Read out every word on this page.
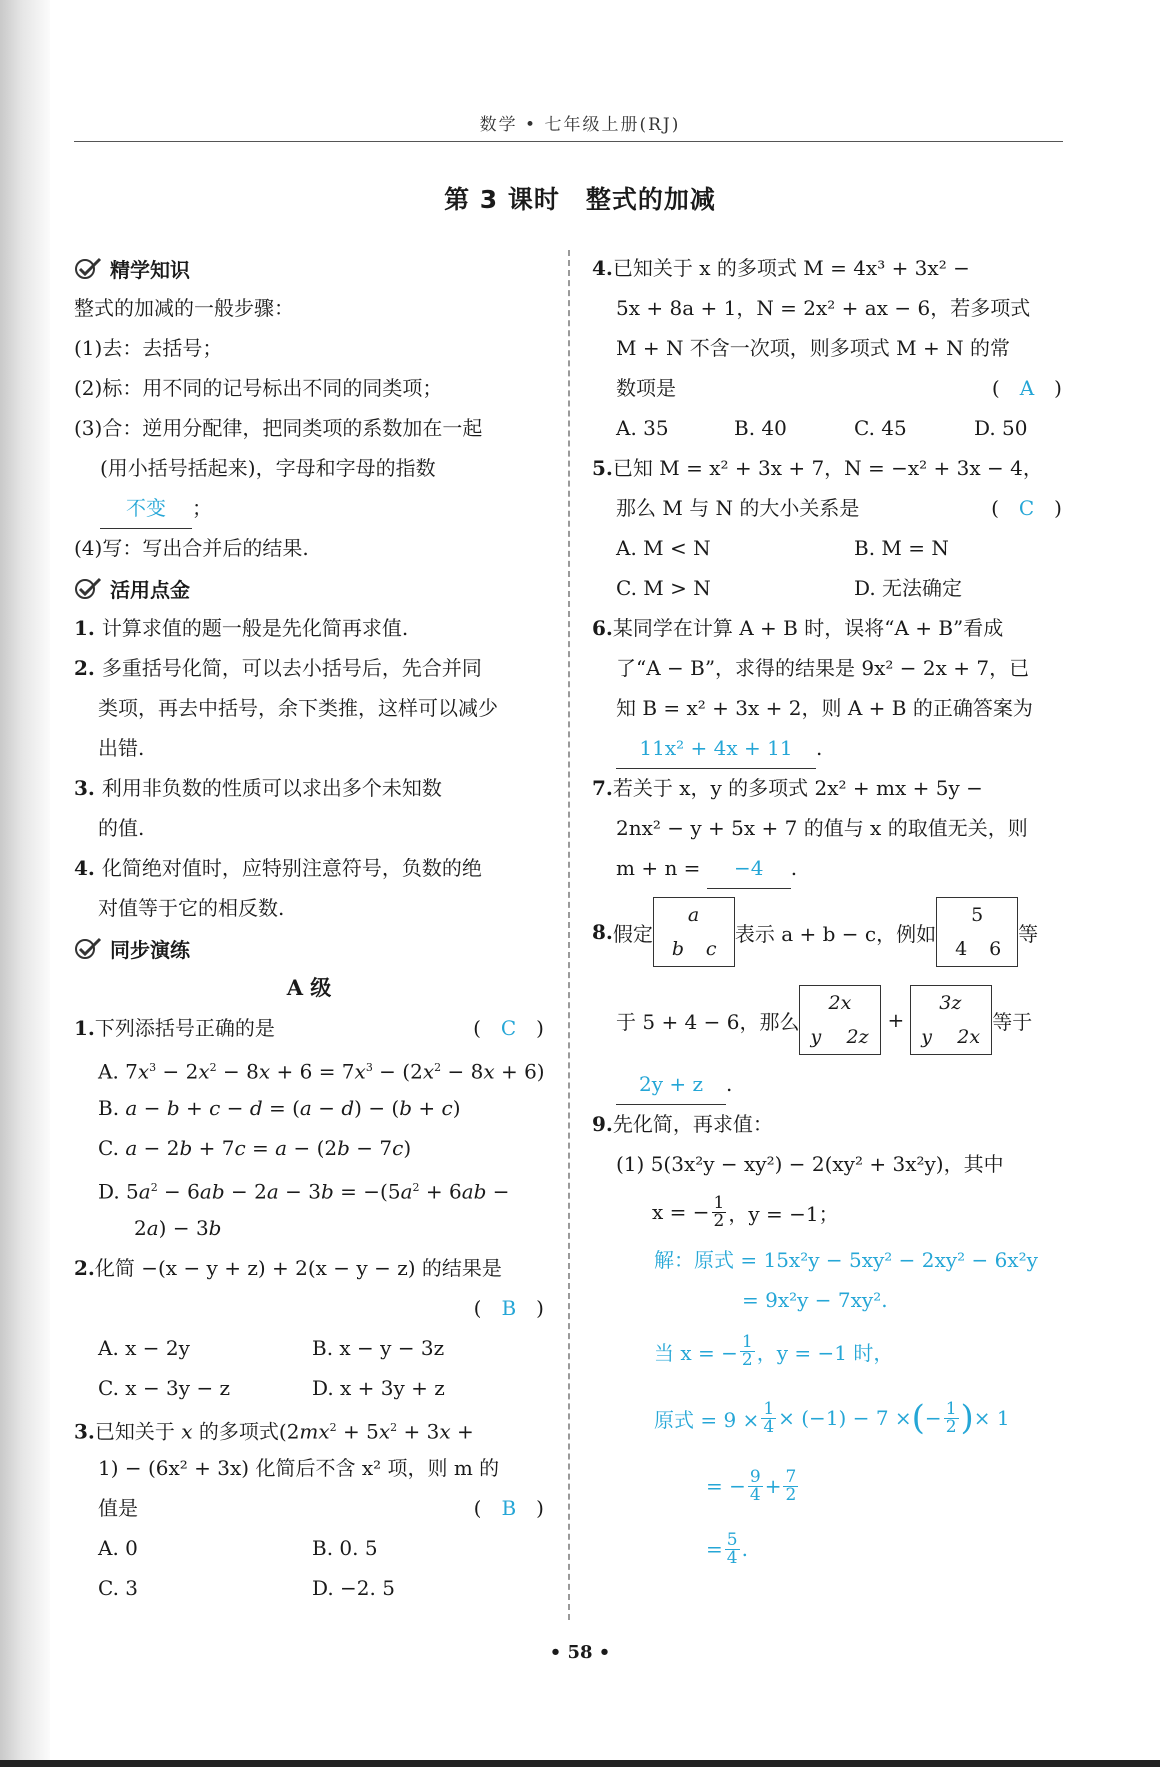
数学 • 七年级上册(RJ)
第 3 课时　整式的加减
精学知识
整式的加减的一般步骤：
(1)去：去括号；
(2)标：用不同的记号标出不同的同类项；
(3)合：逆用分配律，把同类项的系数加在一起
(用小括号括起来)，字母和字母的指数
不变 ；
(4)写：写出合并后的结果.
活用点金
1. 计算求值的题一般是先化简再求值.
2. 多重括号化简，可以去小括号后，先合并同
类项，再去中括号，余下类推，这样可以减少
出错.
3. 利用非负数的性质可以求出多个未知数
的值.
4. 化简绝对值时，应特别注意符号，负数的绝
对值等于它的相反数.
同步演练
A 级
1.下列添括号正确的是	(　C　)
A. $7x^3 - 2x^2 - 8x + 6 = 7x^3 - (2x^2 - 8x + 6)$
B. a − b + c − d = (a − d) − (b + c)
C. a − 2b + 7c = a − (2b − 7c)
D. $5a^2 - 6ab - 2a - 3b = -(5a^2 + 6ab$ −
2a) − 3b
2.化简 −(x − y + z) + 2(x − y − z) 的结果是
(　B　)
A. x − 2y	B. x − y − 3z
C. x − 3y − z	D. x + 3y + z
3.已知关于 x 的多项式($2mx^2 + 5x^2 + 3x$ +
1) − (6x² + 3x) 化简后不含 x² 项，则 m 的
值是	(　B　)
A. 0	B. 0. 5
C. 3	D. −2. 5
4.已知关于 x 的多项式 M = 4x³ + 3x² −
5x + 8a + 1，N = 2x² + ax − 6，若多项式
M + N 不含一次项，则多项式 M + N 的常
数项是	(　A　)
A. 35	B. 40	C. 45	D. 50
5.已知 M = x² + 3x + 7，N = −x² + 3x − 4，
那么 M 与 N 的大小关系是	(　C　)
A. M < N	B. M = N
C. M > N	D. 无法确定
6.某同学在计算 A + B 时，误将“A + B”看成
了“A − B”，求得的结果是 9x² − 2x + 7，已
知 B = x² + 3x + 2，则 A + B 的正确答案为
11x² + 4x + 11 .
7.若关于 x，y 的多项式 2x² + mx + 5y −
2nx² − y + 5x + 7 的值与 x 的取值无关，则
m + n = −4 .
8. 假定
a
b c
表示 a + b − c，例如
5
4 6
等
于 5 + 4 − 6，那么
2x
y 2z
+
3z
y 2x
等于
2y + z .
9.先化简，再求值：
(1) 5(3x²y − xy²) − 2(xy² + 3x²y)，其中
x = − $\frac{1}{2}$ ，y = −1；
解：原式 = 15x²y − 5xy² − 2xy² − 6x²y
= 9x²y − 7xy².
当 x = − $\frac{1}{2}$ ，y = −1 时，
原式 = $9 \times \frac{1}{4} \times (-1) - 7$ × ( − $\frac{1}{2}$ ) × 1
= − $\frac{9}{4} + \frac{7}{2}$
= $\frac{5}{4}$ .
• 58 •
